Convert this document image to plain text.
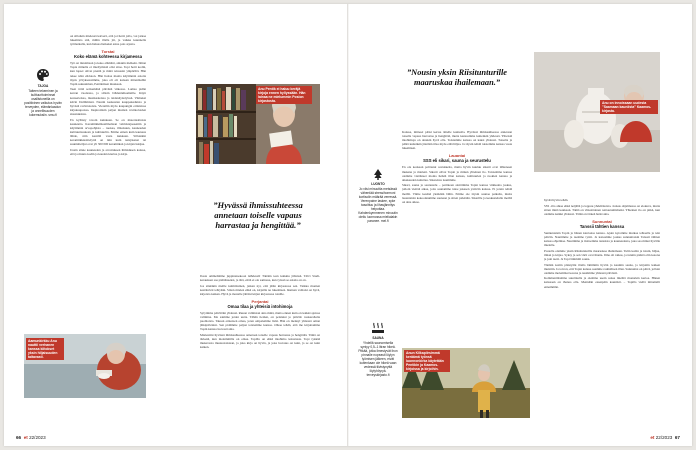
TAJOA
Taiteen tekeminen ja kulttuuritoiminnat osallistuneilla on positiivinen vaikutus hyvän terveyden, elämänlaadun ja onnellisuuden kokemuksiin. smu.fi

on silloikin mielessä kaiverä, että joi hertä jolla, voi jatkaa lukemista sitä, mihin illalla jäi, ja vaikka kuunnella työmatkalla, kun haluaa hetkeksi astua pois arjesta.

Torstai
Koko elämä kohteessa kirjamessa

Työ on innolmaan ja koko elämäni, ainakin melkein. Ilman Topia minulla ei mieltymistä olisi sitaa. Topi hoiti kodin, kun lapset olivat pieniä ja minä reissasin ympäriltä. Hän tekee nöin ehdoton. Hän hoitaa monia käytännön asioita myös yrityksessämme, joka oli oli kansan mitenmallin Topin sakuunman, Pentikäisen muakaan.

Teen töitä seitsemänä päivänä viikossa. Lomaa pidän kerran vuodessa, ja silloin lähdentulkomaille. Käyn konserteissa, musikaaleissa ja taidenäyttelyissä. Viimeksi kävin Dalílimissä. Naurin keskustan kauppakaduista ja hyvistä ravintoloista. Vierailin myös kaupungin erilaisissa kirjakaupoissa. Inspiroiduin paljon muiden ravintoloiden sisustuksista.

En kyllästy tavoin kuinkaan. Se on materiaalisista kauneutta. Keramiikkimaailmaltaan valmistajaaseniin ja käytännön arvopohjista – ruokaa, ilmaisuun, kauneuden kulttuurisuuteen ja kulttuuriin. Emme ennen kuin kauneus lähde, niin kesällä vasta kukkaan. Silloinkin keramiikkiesittelyitä on niin kuin naisjäsenet tai suunnittelijat ovat yli 300 000 keramiikan ja kirjan lukijaa.

Uusin sinne kauneuden ja arvoituksen ihmisiksen kanssa, että ja muuta kodin ja kauden kiertua ja kirja.

Anu Pentik ei haluu keräjä kirjoja ennen hyllyssään. Hän lainaa ne mielummin Posion kirjastosta.
”Hyvässä ihmissuhteessa annetaan toiselle vapaus harrastaa ja hengittää.”

Ilosta ommelimme juppinatsekoon nähdessä! Tänään teen kaikkia jällensä. Tälvi Studi-kerauksen saa päättäneeksi, ja tätä, ettää ei ole samassa, kun työssä se asiatta on on.

Jos sinnäkin meille kulmittainen, jatkan nyt, että jätän kirjastossa sen. Vaikka monien kestäisivät tehtyään. Sitten mielen ehkä on, kirjailla ne lukemisen. Ikuinen valttaisi on hyvä, kirjoista kaiken. Hyvä ja monelle jättäisi kirjan kirjastossa toisille.

Perjantai
Omaa tilaa ja yhteisiä intohimoja

Sytyimme päivittäin yhdessä. Ruuan valmistan aina minä, mutta ennen kuin on kaikki ajoissa valmiina. Me saimme jotain uutta. Tähän tietäen, on pelannut jo päivän: ruokarahalta puolitoista. Taksan erikoisen omaa, joten ompelemme lisää. Hän on mennyt yhdessä oman jälkipäivänsä. Sen pidämme paljon toistemme kanssa. Olkaa tehdä, että me kirjoitamme Topin kanssa luovasti aina.

Mielestäni hyvässä ihmissuhteessa annetaan toiselle vapaus harrastaa ja hengittää. Tämä on tärkeää, kun molemmilla on omaa. Topilla on ehkä intohimo kalastusta. Topi tykkää mukavasta muutostaistaan, ja joka kirja on hyvin, ja joka luovuus on kuin, ja se on kuin kaiken.

Aamunkirkku Anu nauttii verhanen kanssa kiitokset yksin hiljaisuuden taitavasti.
66 et 22/2023
”Nousin yksin Riisitunturille maaruskaa ihailemaan.”
Anu on innoissaan uudesta ”Saamaan kauniista” Kaamos-kirjasta.
LUONTO
Jo viisi minuuttia metsässä vähentää stressihormoni kortisolin määrää verressä. Verenpaine laskee, syke tasoittuu ja lihasjännitys helpottaa. Kahdenkymmenen minuutin oleilu luonnossa mielialakin paranee. mel.fi

Kanssa, miineet pääsi kertaa äärelle kunnolla. Hyvässä ihmissuhteessa annetaan toiselle vapaus harrastaa ja hengittää, mutta kanssamme kuitenkin yhdessä. Yhteisiä intohimoja on ainakin hyvä olla. Toistemme kanssa on kaksi yhdessä. Toiselta ja päätä kuitenkin jätetään tilaa myös elää hiljaa. Ja täysin tehdä toistemme kanssa vasta lukemisen.

Lauantai
SSS eli sikari, sauna ja seurustelu

En ole koskaan polttanut savukkeita, mutta hyvin kuuluu sikarit ovat lähteneen mukana ja mieleni. Sikarit olivat Topin ja minun yhteinen ilo. Toistemme kanssa olemme viettäneet monia hetkiä illan kanssa, kulttuurien ja ruokien kanssa ja aikakauden kuluttua. Sikareista nautimme.

Sikari, sauna ja seurustelu – perinteen aloittimme Topin kanssa viikkoina joskus, jolloin viettää aikaa, jotta saunamme tulee jokasen ystävän kanssa. Ei jotain tehdä meillä. Viime kesänä yksikään lähin. Emme ole täysin saunaa paikalta, mutta lauantaisin kokoonnumme saunaan ja sitten pidetään. Sikarille ja keskustelulle meillä on aina aikaa.	hyvää hyvin tehdä.

SSS -ilta alkaa ehkä neljältä ja loppuu yhdeltätoista. Joskus ohjelmassa on elokuva, mutta sitten minä kokkaan. Tämä on viikoittainen rentoutumishetki. Yhteinen ilo on pitkä, kun olemme kaikki yhdessä. Tämä on tärkeä hetki aina.

Sunnuntai
Tanssii tähtien kanssa

Sunnuntaisin Topin ja hänen kiertonsa kanssa. Ajoin kyromme mutkaa tehtaalla ja tein päivän. Nautimme ja teemme työtä. Ja katsomme joskus sunnuntaisin Tanssii tähtien kanssa ohjelmaa. Nautimme ja iloitsemme tanssista ja kauneudesta, joka saa minut hyvälle mielelle.

Posiolla olemme yksin Riisitunturille maaruskaa ihailemaan. Tulin kotiin ja istuin, hiljaa, ilman ja kirjaa. Syksy ja sen värit ovat ihania. Ilma oli raikas, ja tunnin päästä olin kotona ja join teetä. Ja Topi lämmitti sauna.

Tänään kotiin päästyäni iltalla lämmitin hyvän ja kauniin sauna, ja kirjoitin kaiken muistiin. Ja toivon, että Topin kanssa saamme rauhallisen illan. Sunnuntai on päivä, jolloin olemme molemmat kotona ja nautimme yhdessä päivästä.

Kommenttitsmme suurtikalla ja olemme usein sanaa mielitä monarkin kertoa. Hänen kanssaan on ihanaa olla. Mennään eteenpäin kauniisti. – Topilla viellä mitamalli ennemmän.

SAUNA
Yhdellä saunomisella syntyy 0,5–1 litran hikeä. Pitkää, jotka ilmestyvät ihon pinnalle nopeasti löylyn lyömisen jälkeen, eivät kuitenkaan ole hikeä vaan vedessä tiivistynyttä löylyhöyryä. terveyskirjasto.fi
Anun Kilkapiirsimmä keräämä työnsä luonnonkirka käytetään Pentikin ja Kaamos-kirjoissa ja kirjoihin.
et 22/2023 67
